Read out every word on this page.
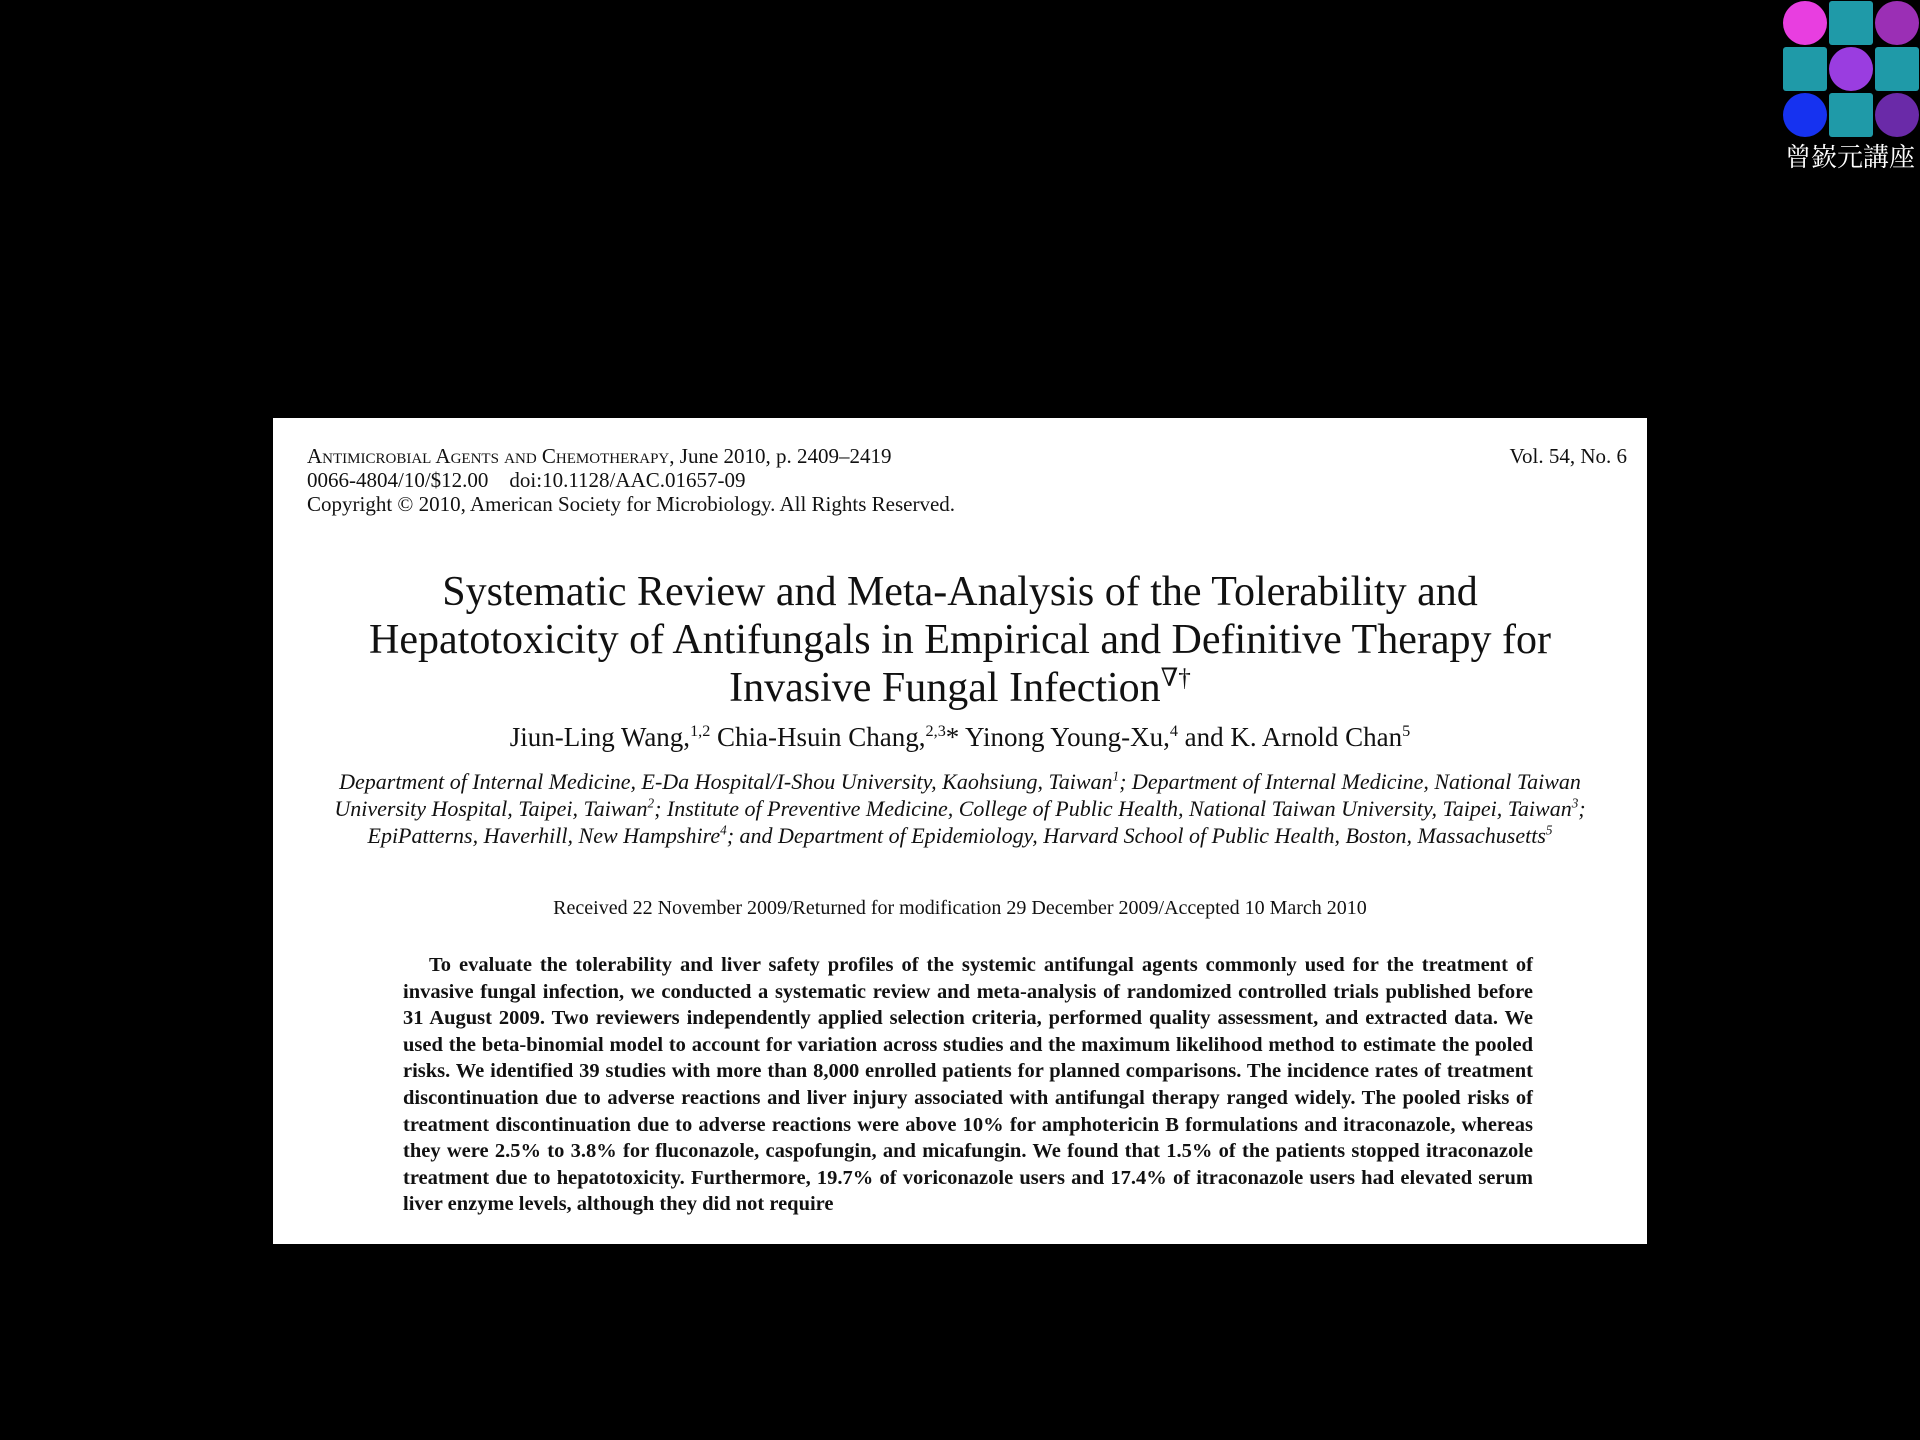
曾嶔元講座
Antimicrobial Agents and Chemotherapy, June 2010, p. 2409–2419
0066-4804/10/$12.00    doi:10.1128/AAC.01657-09
Copyright © 2010, American Society for Microbiology. All Rights Reserved.
Vol. 54, No. 6
Systematic Review and Meta-Analysis of the Tolerability and Hepatotoxicity of Antifungals in Empirical and Definitive Therapy for Invasive Fungal Infection∇†
Jiun-Ling Wang,$^{1,2}$ Chia-Hsuin Chang,$^{2,3}$* Yinong Young-Xu,$^4$ and K. Arnold Chan$^5$
Department of Internal Medicine, E-Da Hospital/I-Shou University, Kaohsiung, Taiwan$^1$; Department of Internal Medicine, National Taiwan University Hospital, Taipei, Taiwan$^2$; Institute of Preventive Medicine, College of Public Health, National Taiwan University, Taipei, Taiwan$^3$; EpiPatterns, Haverhill, New Hampshire$^4$; and Department of Epidemiology, Harvard School of Public Health, Boston, Massachusetts$^5$
Received 22 November 2009/Returned for modification 29 December 2009/Accepted 10 March 2010
To evaluate the tolerability and liver safety profiles of the systemic antifungal agents commonly used for the treatment of invasive fungal infection, we conducted a systematic review and meta-analysis of randomized controlled trials published before 31 August 2009. Two reviewers independently applied selection criteria, performed quality assessment, and extracted data. We used the beta-binomial model to account for variation across studies and the maximum likelihood method to estimate the pooled risks. We identified 39 studies with more than 8,000 enrolled patients for planned comparisons. The incidence rates of treatment discontinuation due to adverse reactions and liver injury associated with antifungal therapy ranged widely. The pooled risks of treatment discontinuation due to adverse reactions were above 10% for amphotericin B formulations and itraconazole, whereas they were 2.5% to 3.8% for fluconazole, caspofungin, and micafungin. We found that 1.5% of the patients stopped itraconazole treatment due to hepatotoxicity. Furthermore, 19.7% of voriconazole users and 17.4% of itraconazole users had elevated serum liver enzyme levels, although they did not require
